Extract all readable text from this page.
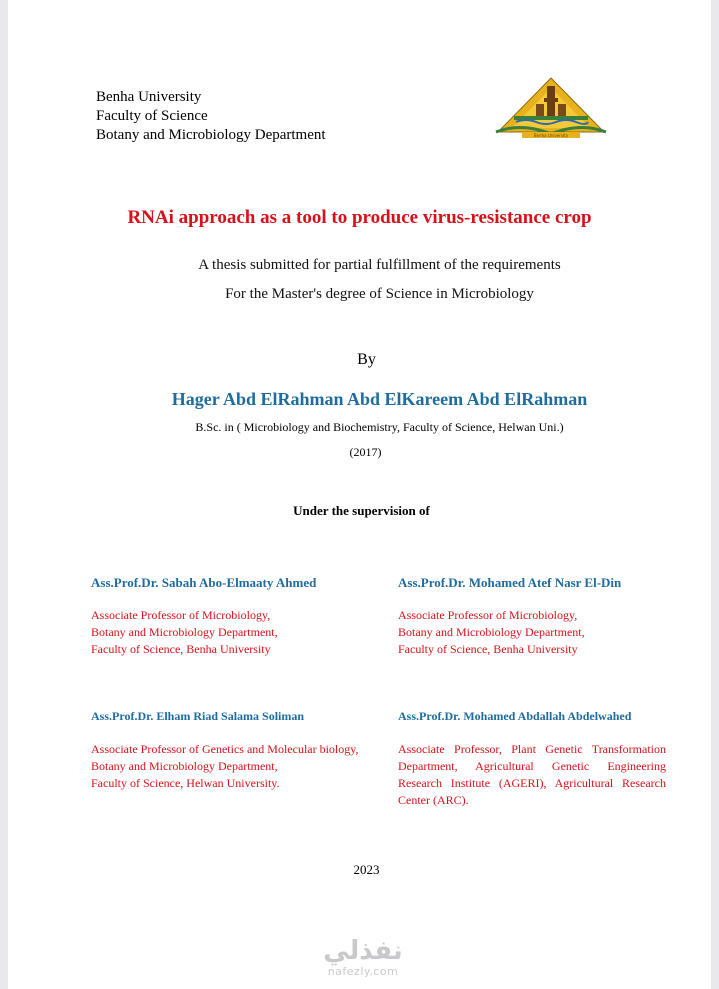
Benha University
Faculty of Science
Botany and Microbiology Department	Benha University
RNAi approach as a tool to produce virus-resistance crop
A thesis submitted for partial fulfillment of the requirements
For the Master's degree of Science in Microbiology
By
Hager Abd ElRahman Abd ElKareem Abd ElRahman
B.Sc. in ( Microbiology and Biochemistry, Faculty of Science, Helwan Uni.)
(2017)
Under the supervision of
Ass.Prof.Dr. Sabah Abo-Elmaaty Ahmed
Associate Professor of Microbiology,
Botany and Microbiology Department,
Faculty of Science, Benha University
Ass.Prof.Dr. Mohamed Atef Nasr El-Din
Associate Professor of Microbiology,
Botany and Microbiology Department,
Faculty of Science, Benha University
Ass.Prof.Dr. Elham Riad Salama Soliman
Associate Professor of Genetics and Molecular biology,
Botany and Microbiology Department,
Faculty of Science, Helwan University.
Ass.Prof.Dr. Mohamed Abdallah Abdelwahed
Associate Professor, Plant Genetic Transformation Department, Agricultural Genetic Engineering Research Institute (AGERI), Agricultural Research Center (ARC).
2023
نفذلي
nafezly.com
